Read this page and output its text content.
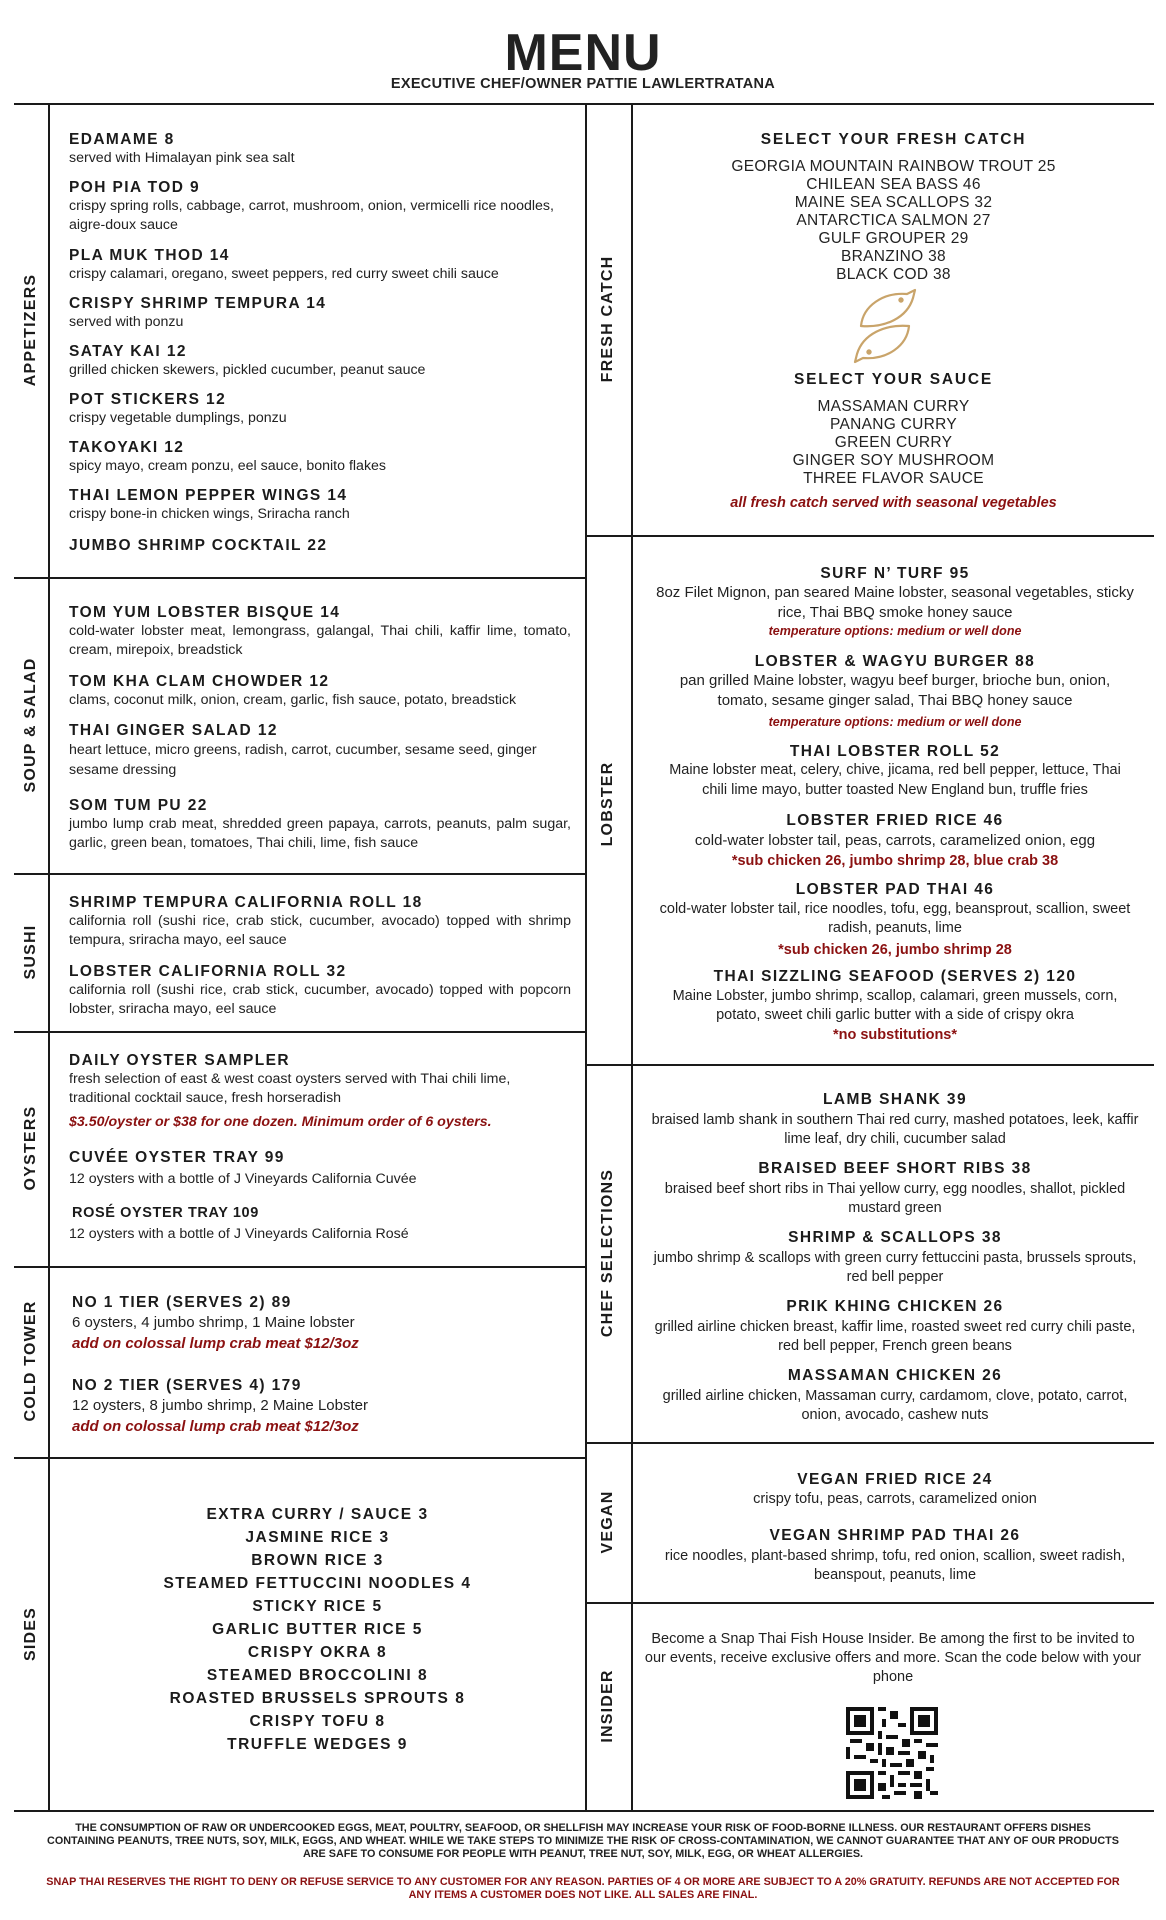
MENU
EXECUTIVE CHEF/OWNER PATTIE LAWLERTRATANA
APPETIZERS
SOUP & SALAD
SUSHI
OYSTERS
COLD TOWER
SIDES
FRESH CATCH
LOBSTER
CHEF SELECTIONS
VEGAN
INSIDER
EDAMAME 8
served with Himalayan pink sea salt
POH PIA TOD 9
crispy spring rolls, cabbage, carrot, mushroom, onion, vermicelli rice noodles, aigre-doux sauce
PLA MUK THOD 14
crispy calamari, oregano, sweet peppers, red curry sweet chili sauce
CRISPY SHRIMP TEMPURA 14
served with ponzu
SATAY KAI 12
grilled chicken skewers, pickled cucumber, peanut sauce
POT STICKERS 12
crispy vegetable dumplings, ponzu
TAKOYAKI 12
spicy mayo, cream ponzu, eel sauce, bonito flakes
THAI LEMON PEPPER WINGS 14
crispy bone-in chicken wings, Sriracha ranch
JUMBO SHRIMP COCKTAIL 22
TOM YUM LOBSTER BISQUE 14
cold-water lobster meat, lemongrass, galangal, Thai chili, kaffir lime, tomato, cream, mirepoix, breadstick
TOM KHA CLAM CHOWDER 12
clams, coconut milk, onion, cream, garlic, fish sauce, potato, breadstick
THAI GINGER SALAD 12
heart lettuce, micro greens, radish, carrot, cucumber, sesame seed, ginger sesame dressing
SOM TUM PU 22
jumbo lump crab meat, shredded green papaya, carrots, peanuts, palm sugar, garlic, green bean, tomatoes, Thai chili, lime, fish sauce
SHRIMP TEMPURA CALIFORNIA ROLL 18
california roll (sushi rice, crab stick, cucumber, avocado) topped with shrimp tempura, sriracha mayo, eel sauce
LOBSTER CALIFORNIA ROLL 32
california roll (sushi rice, crab stick, cucumber, avocado) topped with popcorn lobster, sriracha mayo, eel sauce
DAILY OYSTER SAMPLER
fresh selection of east & west coast oysters served with Thai chili lime, traditional cocktail sauce, fresh horseradish
$3.50/oyster or $38 for one dozen. Minimum order of 6 oysters.
CUVÉE OYSTER TRAY 99
12 oysters with a bottle of J Vineyards California Cuvée
ROSÉ OYSTER TRAY 109
12 oysters with a bottle of J Vineyards California Rosé
NO 1 TIER (SERVES 2) 89
6 oysters, 4 jumbo shrimp, 1 Maine lobster
add on colossal lump crab meat $12/3oz
NO 2 TIER (SERVES 4) 179
12 oysters, 8 jumbo shrimp, 2 Maine Lobster
add on colossal lump crab meat $12/3oz
EXTRA CURRY / SAUCE 3
JASMINE RICE 3
BROWN RICE 3
STEAMED FETTUCCINI NOODLES 4
STICKY RICE 5
GARLIC BUTTER RICE 5
CRISPY OKRA 8
STEAMED BROCCOLINI 8
ROASTED BRUSSELS SPROUTS 8
CRISPY TOFU 8
TRUFFLE WEDGES 9
SELECT YOUR FRESH CATCH
GEORGIA MOUNTAIN RAINBOW TROUT 25
CHILEAN SEA BASS 46
MAINE SEA SCALLOPS 32
ANTARCTICA SALMON 27
GULF GROUPER 29
BRANZINO 38
BLACK COD 38
SELECT YOUR SAUCE
MASSAMAN CURRY
PANANG CURRY
GREEN CURRY
GINGER SOY MUSHROOM
THREE FLAVOR SAUCE
all fresh catch served with seasonal vegetables
SURF N’ TURF 95
8oz Filet Mignon, pan seared Maine lobster, seasonal vegetables, sticky rice, Thai BBQ smoke honey sauce
temperature options: medium or well done
LOBSTER & WAGYU BURGER 88
pan grilled Maine lobster, wagyu beef burger, brioche bun, onion, tomato, sesame ginger salad, Thai BBQ honey sauce
temperature options: medium or well done
THAI LOBSTER ROLL 52
Maine lobster meat, celery, chive, jicama, red bell pepper, lettuce, Thai chili lime mayo, butter toasted New England bun, truffle fries
LOBSTER FRIED RICE 46
cold-water lobster tail, peas, carrots, caramelized onion, egg
*sub chicken 26, jumbo shrimp 28, blue crab 38
LOBSTER PAD THAI 46
cold-water lobster tail, rice noodles, tofu, egg, beansprout, scallion, sweet radish, peanuts, lime
*sub chicken 26, jumbo shrimp 28
THAI SIZZLING SEAFOOD (SERVES 2) 120
Maine Lobster, jumbo shrimp, scallop, calamari, green mussels, corn, potato, sweet chili garlic butter with a side of crispy okra
*no substitutions*
LAMB SHANK 39
braised lamb shank in southern Thai red curry, mashed potatoes, leek, kaffir lime leaf, dry chili, cucumber salad
BRAISED BEEF SHORT RIBS 38
braised beef short ribs in Thai yellow curry, egg noodles, shallot, pickled mustard green
SHRIMP & SCALLOPS 38
jumbo shrimp & scallops with green curry fettuccini pasta, brussels sprouts, red bell pepper
PRIK KHING CHICKEN 26
grilled airline chicken breast, kaffir lime, roasted sweet red curry chili paste, red bell pepper, French green beans
MASSAMAN CHICKEN 26
grilled airline chicken, Massaman curry, cardamom, clove, potato, carrot, onion, avocado, cashew nuts
VEGAN FRIED RICE 24
crispy tofu, peas, carrots, caramelized onion
VEGAN SHRIMP PAD THAI 26
rice noodles, plant-based shrimp, tofu, red onion, scallion, sweet radish, beanspout, peanuts, lime
Become a Snap Thai Fish House Insider. Be among the first to be invited to our events, receive exclusive offers and more. Scan the code below with your phone
THE CONSUMPTION OF RAW OR UNDERCOOKED EGGS, MEAT, POULTRY, SEAFOOD, OR SHELLFISH MAY INCREASE YOUR RISK OF FOOD-BORNE ILLNESS. OUR RESTAURANT OFFERS DISHES CONTAINING PEANUTS, TREE NUTS, SOY, MILK, EGGS, AND WHEAT. WHILE WE TAKE STEPS TO MINIMIZE THE RISK OF CROSS-CONTAMINATION, WE CANNOT GUARANTEE THAT ANY OF OUR PRODUCTS ARE SAFE TO CONSUME FOR PEOPLE WITH PEANUT, TREE NUT, SOY, MILK, EGG, OR WHEAT ALLERGIES.
SNAP THAI RESERVES THE RIGHT TO DENY OR REFUSE SERVICE TO ANY CUSTOMER FOR ANY REASON. PARTIES OF 4 OR MORE ARE SUBJECT TO A 20% GRATUITY. REFUNDS ARE NOT ACCEPTED FOR ANY ITEMS A CUSTOMER DOES NOT LIKE. ALL SALES ARE FINAL.
